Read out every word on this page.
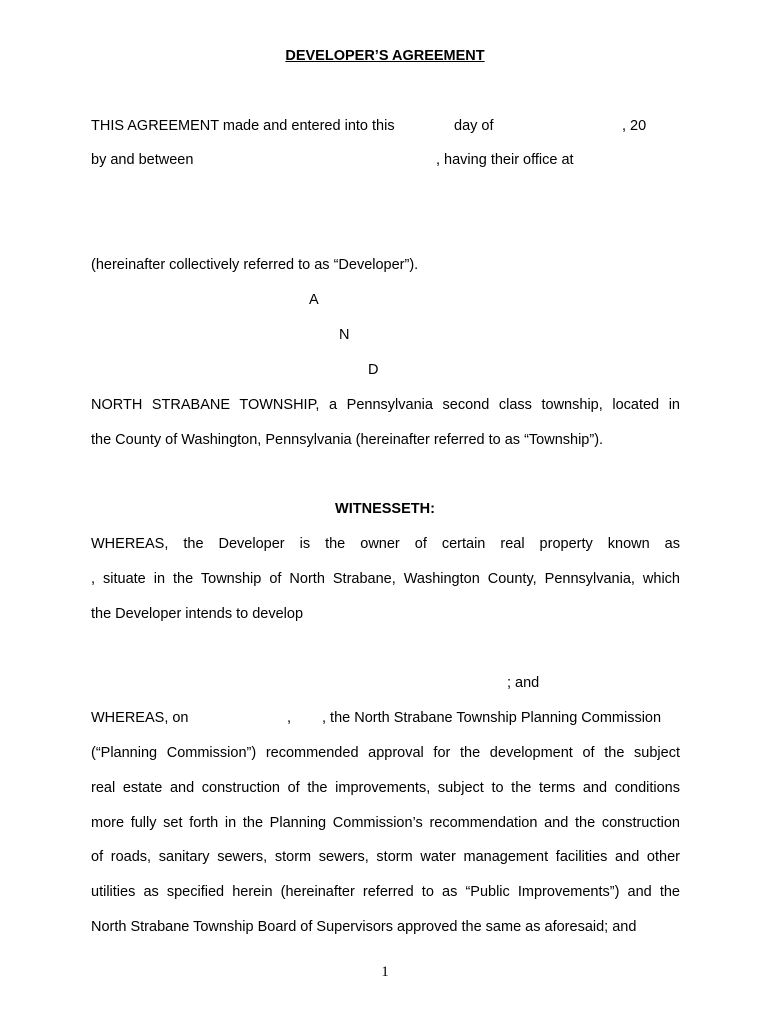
DEVELOPER’S AGREEMENT
THIS AGREEMENT made and entered into this	day of	, 20
by and between	, having their office at
(hereinafter collectively referred to as “Developer”).
A
N
D
NORTH STRABANE TOWNSHIP, a Pennsylvania second class township, located in
the County of Washington, Pennsylvania (hereinafter referred to as “Township”).
WITNESSETH:
WHEREAS, the Developer is the owner of certain real property known as
, situate in the Township of North Strabane, Washington County, Pennsylvania, which
the Developer intends to develop
; and
WHEREAS, on	, , the North Strabane Township Planning Commission
(“Planning Commission”) recommended approval for the development of the subject
real estate and construction of the improvements, subject to the terms and conditions
more fully set forth in the Planning Commission’s recommendation and the construction
of roads, sanitary sewers, storm sewers, storm water management facilities and other
utilities as specified herein (hereinafter referred to as “Public Improvements”) and the
North Strabane Township Board of Supervisors approved the same as aforesaid; and
1
